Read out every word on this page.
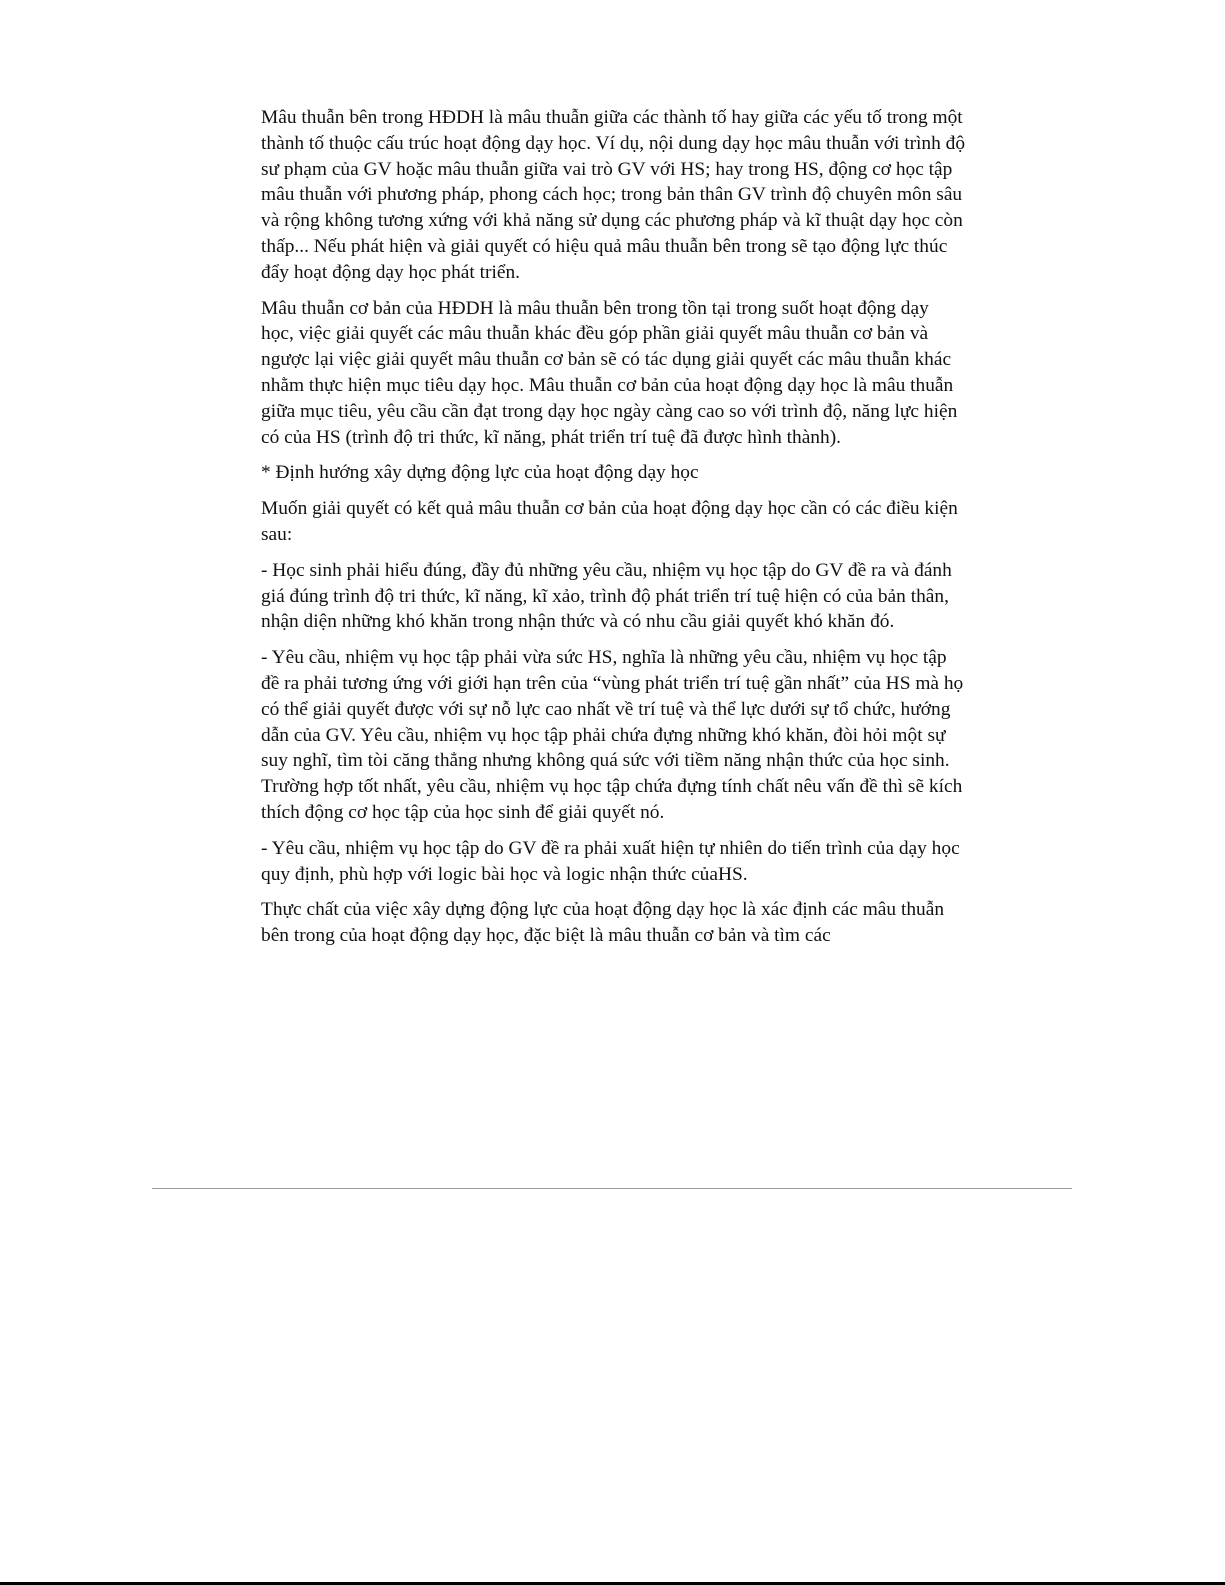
Mâu thuẫn bên trong HĐDH là mâu thuẫn giữa các thành tố hay giữa các yếu tố trong một thành tố thuộc cấu trúc hoạt động dạy học. Ví dụ, nội dung dạy học mâu thuẫn với trình độ sư phạm của GV hoặc mâu thuẫn giữa vai trò GV với HS; hay trong HS, động cơ học tập mâu thuẫn với phương pháp, phong cách học; trong bản thân GV trình độ chuyên môn sâu và rộng không tương xứng với khả năng sử dụng các phương pháp và kĩ thuật dạy học còn thấp... Nếu phát hiện và giải quyết có hiệu quả mâu thuẫn bên trong sẽ tạo động lực thúc đẩy hoạt động dạy học phát triển.

Mâu thuẫn cơ bản của HĐDH là mâu thuẫn bên trong tồn tại trong suốt hoạt động dạy học, việc giải quyết các mâu thuẫn khác đều góp phần giải quyết mâu thuẫn cơ bản và ngược lại việc giải quyết mâu thuẫn cơ bản sẽ có tác dụng giải quyết các mâu thuẫn khác nhằm thực hiện mục tiêu dạy học. Mâu thuẫn cơ bản của hoạt động dạy học là mâu thuẫn giữa mục tiêu, yêu cầu cần đạt trong dạy học ngày càng cao so với trình độ, năng lực hiện có của HS (trình độ tri thức, kĩ năng, phát triển trí tuệ đã được hình thành).

* Định hướng xây dựng động lực của hoạt động dạy học

Muốn giải quyết có kết quả mâu thuẫn cơ bản của hoạt động dạy học cần có các điều kiện sau:

- Học sinh phải hiểu đúng, đầy đủ những yêu cầu, nhiệm vụ học tập do GV đề ra và đánh giá đúng trình độ tri thức, kĩ năng, kĩ xảo, trình độ phát triển trí tuệ hiện có của bản thân, nhận diện những khó khăn trong nhận thức và có nhu cầu giải quyết khó khăn đó.

- Yêu cầu, nhiệm vụ học tập phải vừa sức HS, nghĩa là những yêu cầu, nhiệm vụ học tập đề ra phải tương ứng với giới hạn trên của “vùng phát triển trí tuệ gần nhất” của HS mà họ có thể giải quyết được với sự nỗ lực cao nhất về trí tuệ và thể lực dưới sự tổ chức, hướng dẫn của GV. Yêu cầu, nhiệm vụ học tập phải chứa đựng những khó khăn, đòi hỏi một sự suy nghĩ, tìm tòi căng thẳng nhưng không quá sức với tiềm năng nhận thức của học sinh. Trường hợp tốt nhất, yêu cầu, nhiệm vụ học tập chứa đựng tính chất nêu vấn đề thì sẽ kích thích động cơ học tập của học sinh để giải quyết nó.

- Yêu cầu, nhiệm vụ học tập do GV đề ra phải xuất hiện tự nhiên do tiến trình của dạy học quy định, phù hợp với logic bài học và logic nhận thức củaHS.

Thực chất của việc xây dựng động lực của hoạt động dạy học là xác định các mâu thuẫn bên trong của hoạt động dạy học, đặc biệt là mâu thuẫn cơ bản và tìm các
